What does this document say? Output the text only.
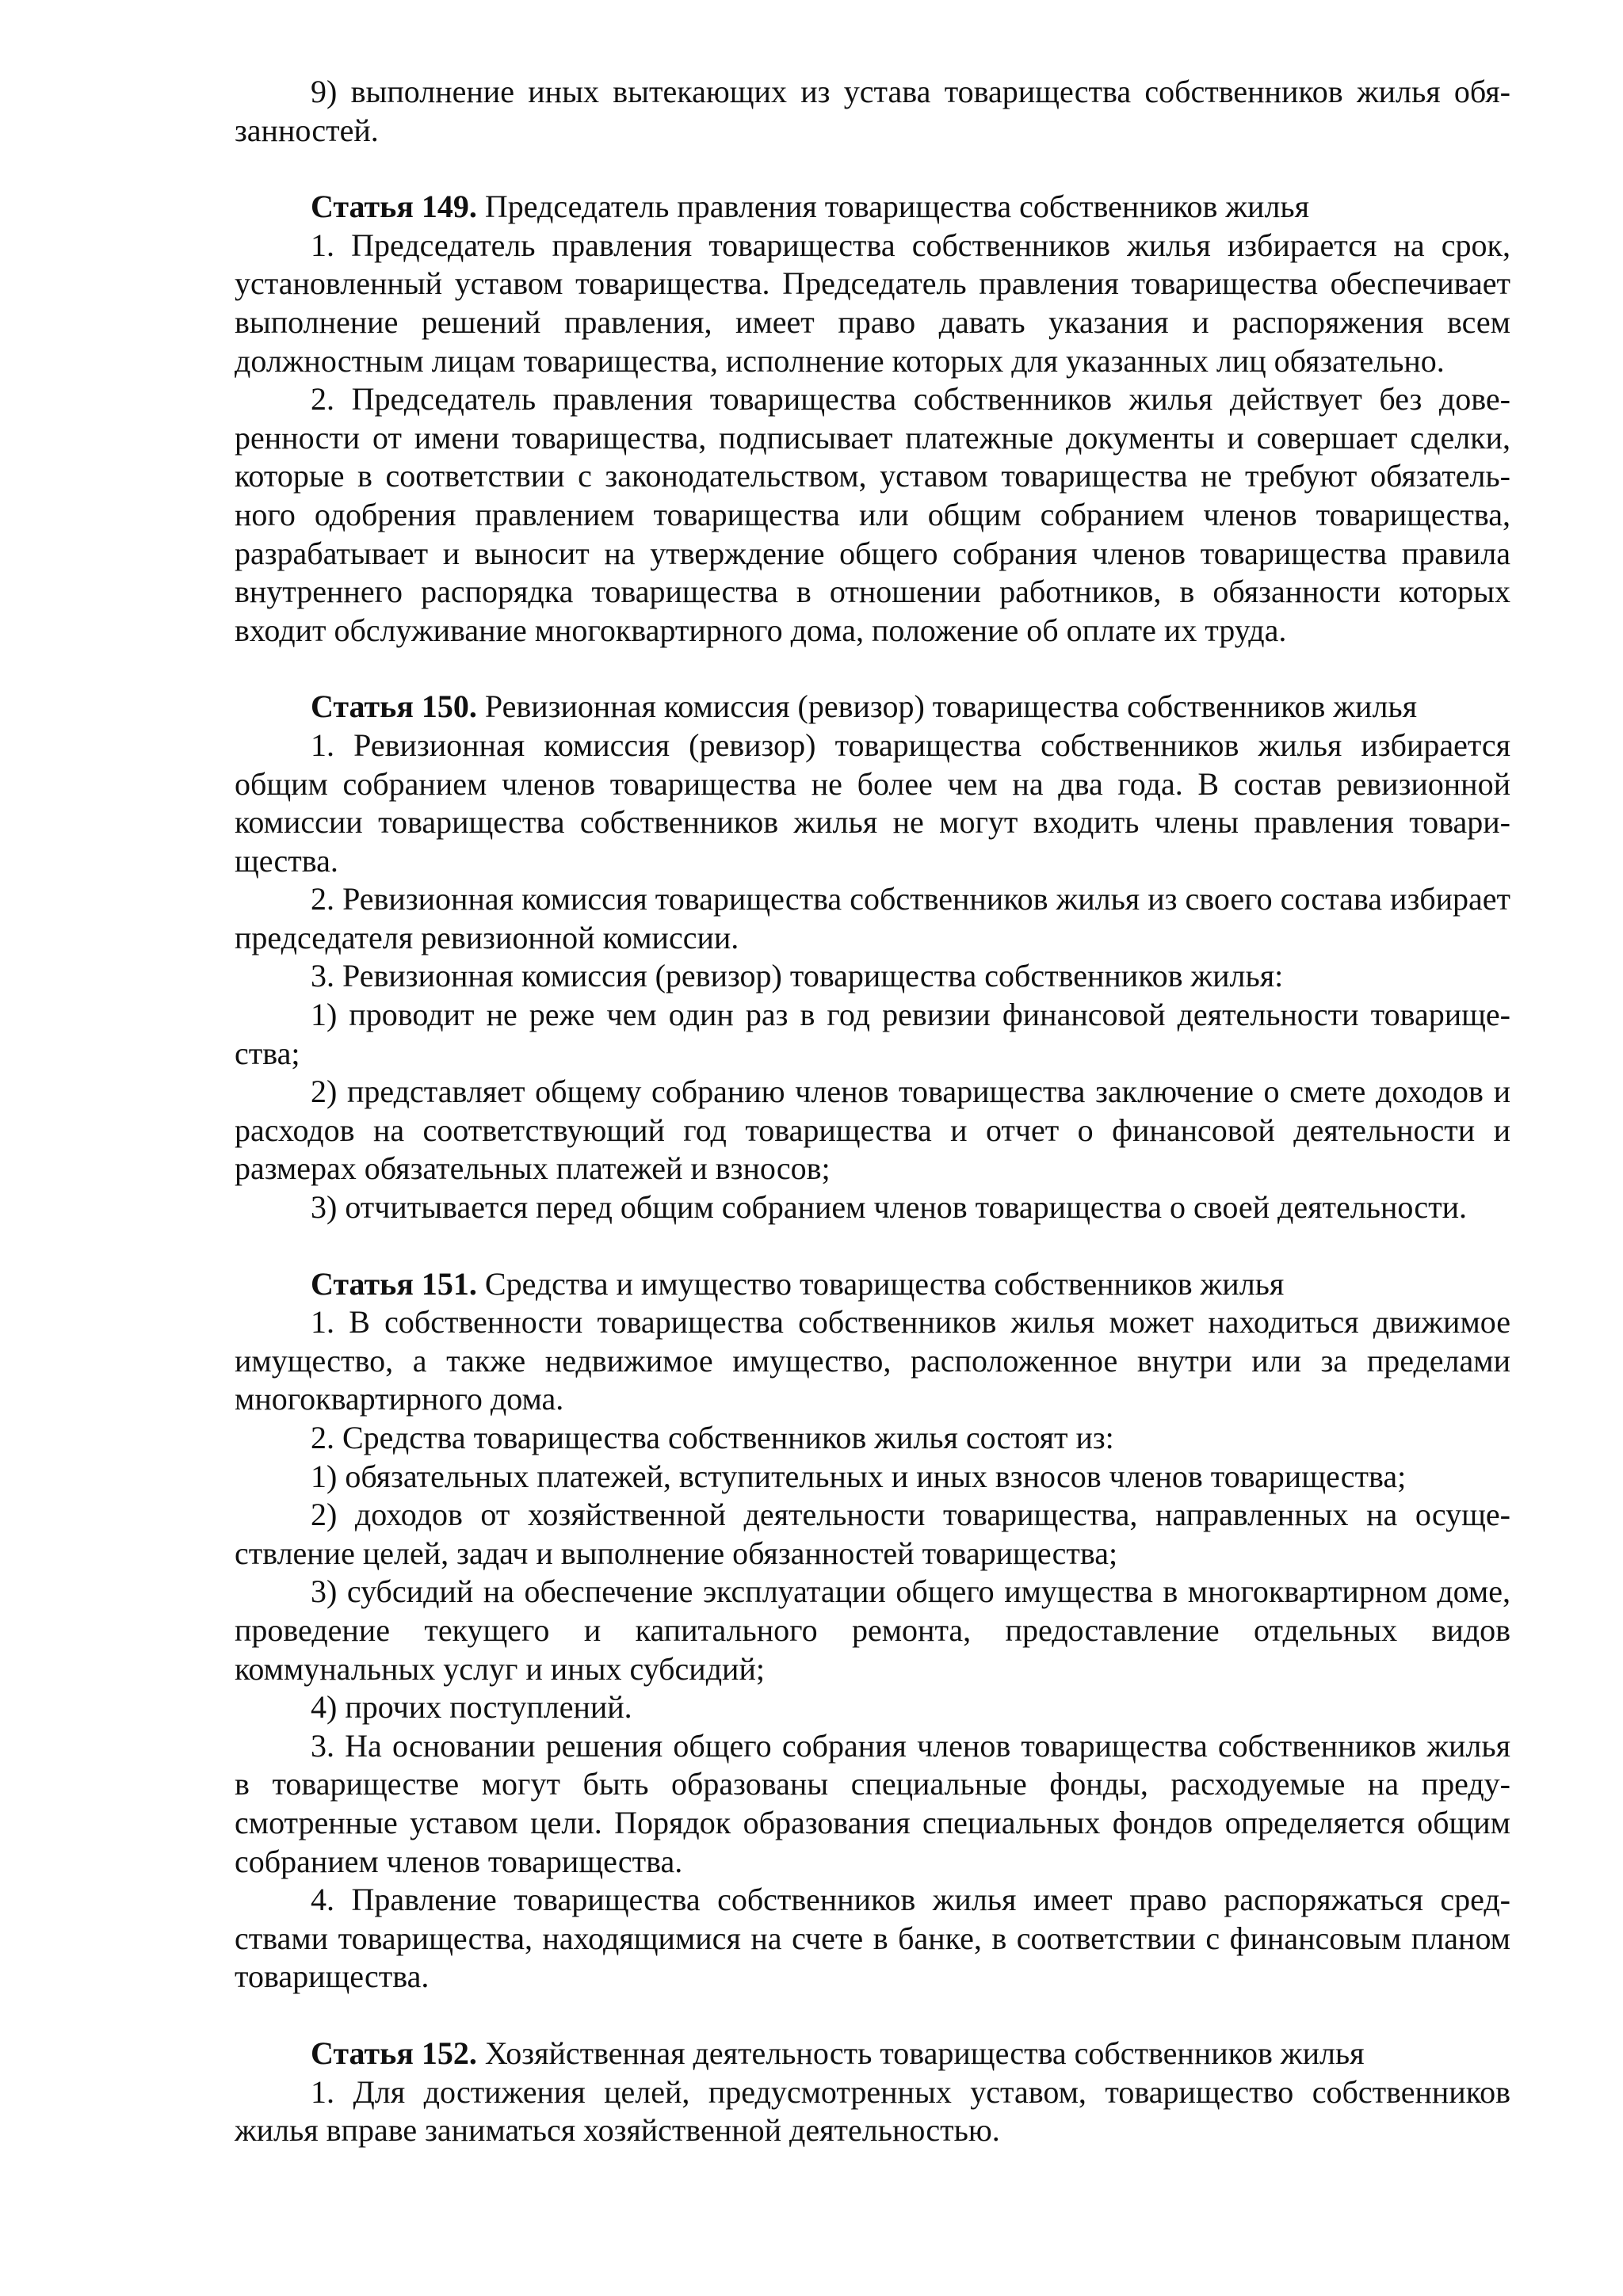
9) выполнение иных вытекающих из устава товарищества собственников жилья обязанностей.

Статья 149. Председатель правления товарищества собственников жилья

1. Председатель правления товарищества собственников жилья избирается на срок, установленный уставом товарищества. Председатель правления товарищества обеспечивает выполнение решений правления, имеет право давать указания и распоряжения всем должностным лицам товарищества, исполнение которых для указанных лиц обязательно.

2. Председатель правления товарищества собственников жилья действует без доверенности от имени товарищества, подписывает платежные документы и совершает сделки, которые в соответствии с законодательством, уставом товарищества не требуют обязательного одобрения правлением товарищества или общим собранием членов товарищества, разрабатывает и выносит на утверждение общего собрания членов товарищества правила внутреннего распорядка товарищества в отношении работников, в обязанности которых входит обслуживание многоквартирного дома, положение об оплате их труда.

Статья 150. Ревизионная комиссия (ревизор) товарищества собственников жилья

1. Ревизионная комиссия (ревизор) товарищества собственников жилья избирается общим собранием членов товарищества не более чем на два года. В состав ревизионной комиссии товарищества собственников жилья не могут входить члены правления товарищества.

2. Ревизионная комиссия товарищества собственников жилья из своего состава избирает председателя ревизионной комиссии.

3. Ревизионная комиссия (ревизор) товарищества собственников жилья:

1) проводит не реже чем один раз в год ревизии финансовой деятельности товарищества;

2) представляет общему собранию членов товарищества заключение о смете доходов и расходов на соответствующий год товарищества и отчет о финансовой деятельности и размерах обязательных платежей и взносов;

3) отчитывается перед общим собранием членов товарищества о своей деятельности.

Статья 151. Средства и имущество товарищества собственников жилья

1. В собственности товарищества собственников жилья может находиться движимое имущество, а также недвижимое имущество, расположенное внутри или за пределами многоквартирного дома.

2. Средства товарищества собственников жилья состоят из:

1) обязательных платежей, вступительных и иных взносов членов товарищества;

2) доходов от хозяйственной деятельности товарищества, направленных на осуществление целей, задач и выполнение обязанностей товарищества;

3) субсидий на обеспечение эксплуатации общего имущества в многоквартирном доме, проведение текущего и капитального ремонта, предоставление отдельных видов коммунальных услуг и иных субсидий;

4) прочих поступлений.

3. На основании решения общего собрания членов товарищества собственников жилья в товариществе могут быть образованы специальные фонды, расходуемые на предусмотренные уставом цели. Порядок образования специальных фондов определяется общим собранием членов товарищества.

4. Правление товарищества собственников жилья имеет право распоряжаться средствами товарищества, находящимися на счете в банке, в соответствии с финансовым планом товарищества.

Статья 152. Хозяйственная деятельность товарищества собственников жилья

1. Для достижения целей, предусмотренных уставом, товарищество собственников жилья вправе заниматься хозяйственной деятельностью.
